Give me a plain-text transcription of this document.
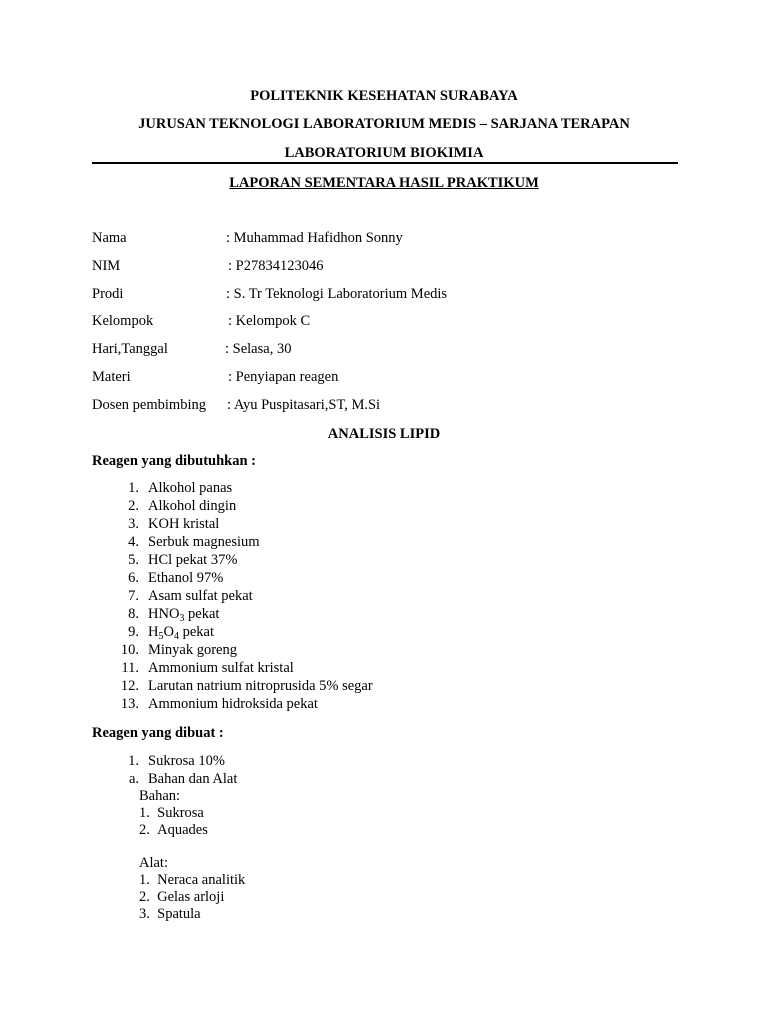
POLITEKNIK KESEHATAN SURABAYA
JURUSAN TEKNOLOGI LABORATORIUM MEDIS – SARJANA TERAPAN
LABORATORIUM BIOKIMIA
LAPORAN SEMENTARA HASIL PRAKTIKUM
Nama	: Muhammad Hafidhon Sonny
NIM	: P27834123046
Prodi	: S. Tr Teknologi Laboratorium Medis
Kelompok	: Kelompok C
Hari,Tanggal	: Selasa, 30
Materi	: Penyiapan reagen
Dosen pembimbing : Ayu Puspitasari,ST, M.Si
ANALISIS LIPID
Reagen yang dibutuhkan :
1. Alkohol panas
2. Alkohol dingin
3. KOH kristal
4. Serbuk magnesium
5. HCl pekat 37%
6. Ethanol 97%
7. Asam sulfat pekat
8. $HNO_3$ pekat
9. $H_5O_4$ pekat
10. Minyak goreng
11. Ammonium sulfat kristal
12. Larutan natrium nitroprusida 5% segar
13. Ammonium hidroksida pekat
Reagen yang dibuat :
1. Sukrosa 10%
a. Bahan dan Alat
Bahan:
1. Sukrosa
2. Aquades
Alat:
1. Neraca analitik
2. Gelas arloji
3. Spatula
